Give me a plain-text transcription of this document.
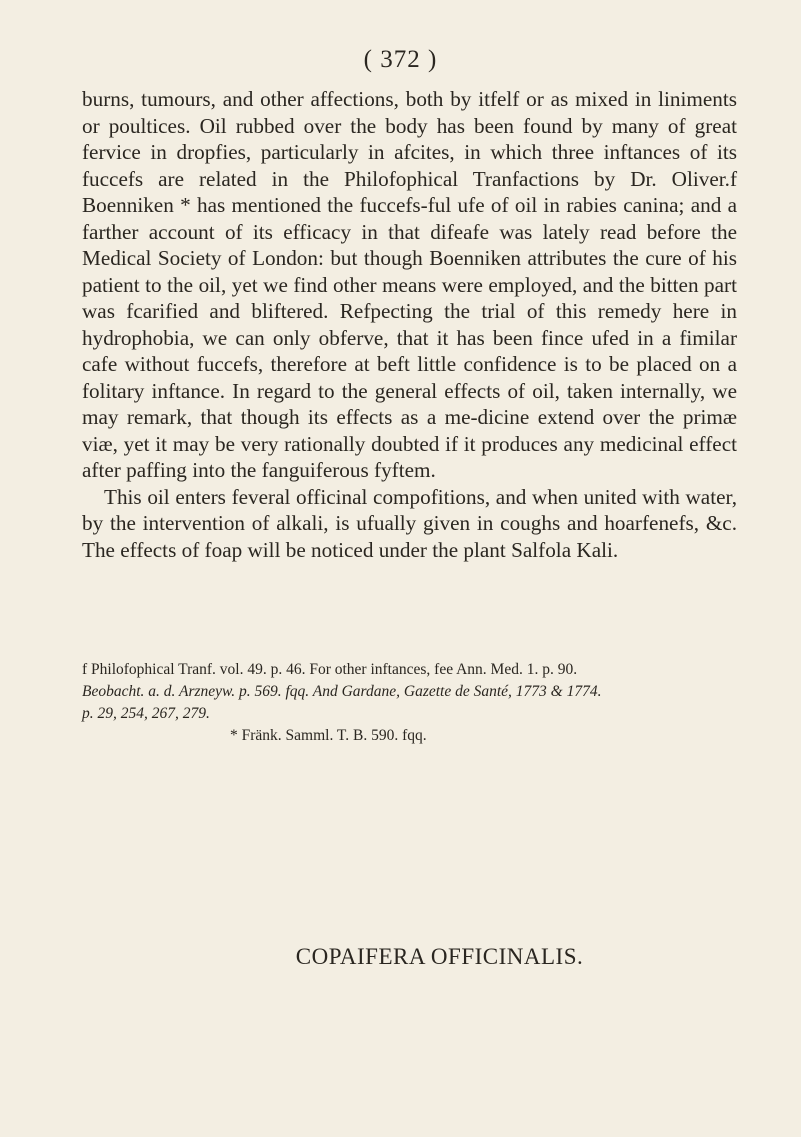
( 372 )

burns, tumours, and other affections, both by itfelf or as mixed in liniments or poultices. Oil rubbed over the body has been found by many of great fervice in dropfies, particularly in afcites, in which three inftances of its fuccefs are related in the Philofophical Tranfactions by Dr. Oliver.f Boenniken * has mentioned the fuccefs-ful ufe of oil in rabies canina; and a farther account of its efficacy in that difeafe was lately read before the Medical Society of London: but though Boenniken attributes the cure of his patient to the oil, yet we find other means were employed, and the bitten part was fcarified and bliftered. Refpecting the trial of this remedy here in hydrophobia, we can only obferve, that it has been fince ufed in a fimilar cafe without fuccefs, therefore at beft little confidence is to be placed on a folitary inftance. In regard to the general effects of oil, taken internally, we may remark, that though its effects as a me-dicine extend over the primæ viæ, yet it may be very rationally doubted if it produces any medicinal effect after paffing into the fanguiferous fyftem.

This oil enters feveral officinal compofitions, and when united with water, by the intervention of alkali, is ufually given in coughs and hoarfenefs, &c. The effects of foap will be noticed under the plant Salfola Kali.

f Philofophical Tranf. vol. 49. p. 46. For other inftances, fee Ann. Med. 1. p. 90.

Beobacht. a. d. Arzneyw. p. 569. fqq. And Gardane, Gazette de Santé, 1773 & 1774.

p. 29, 254, 267, 279.

* Fränk. Samml. T. B. 590. fqq.

COPAIFERA OFFICINALIS.
